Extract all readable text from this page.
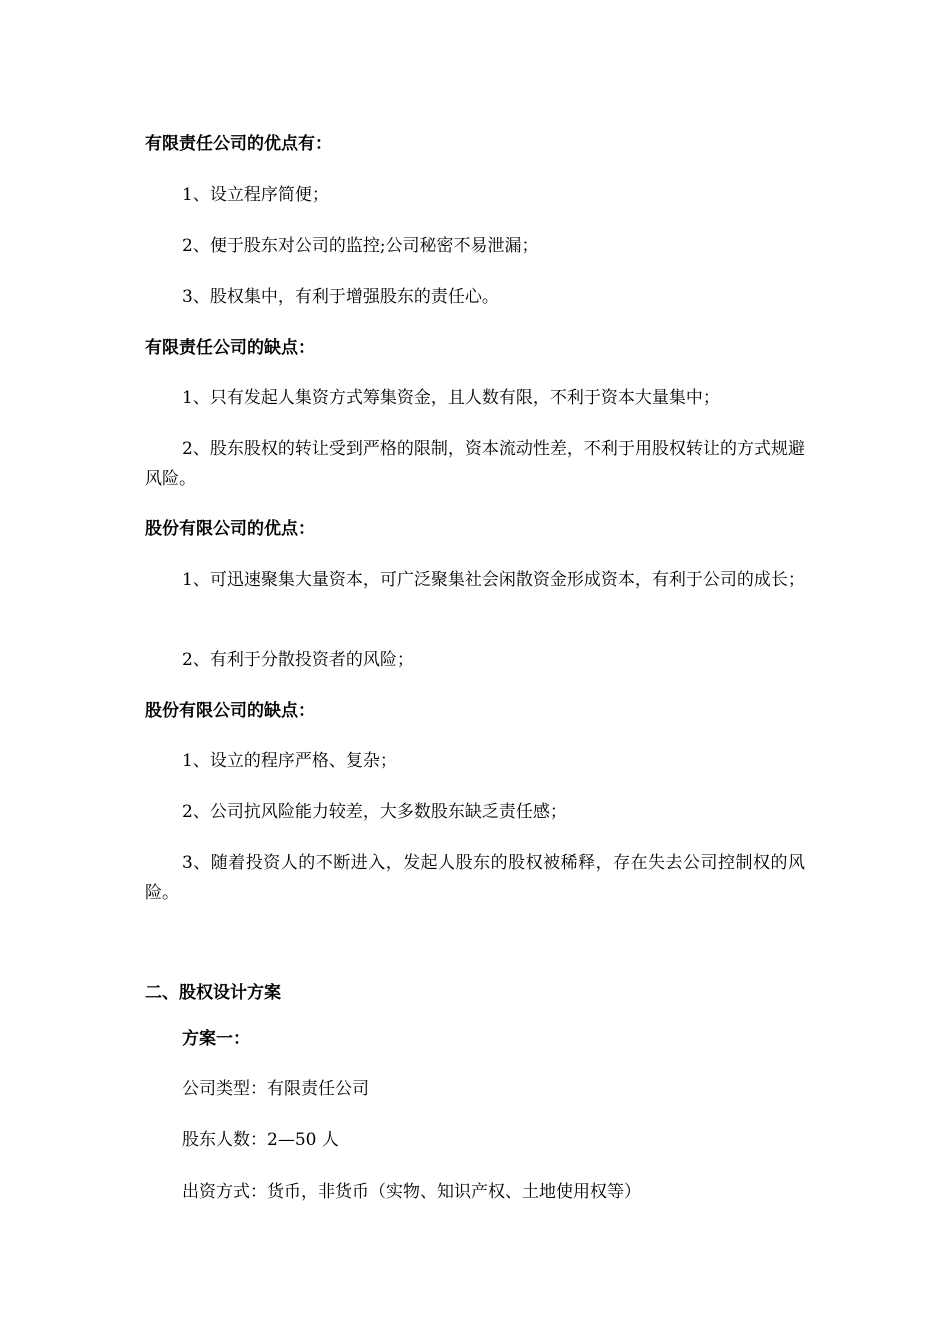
有限责任公司的优点有：
1、设立程序简便；
2、便于股东对公司的监控;公司秘密不易泄漏；
3、股权集中，有利于增强股东的责任心。
有限责任公司的缺点：
1、只有发起人集资方式筹集资金，且人数有限，不利于资本大量集中；
2、股东股权的转让受到严格的限制，资本流动性差，不利于用股权转让的方式规避风险。
股份有限公司的优点：
1、可迅速聚集大量资本，可广泛聚集社会闲散资金形成资本，有利于公司的成长；
2、有利于分散投资者的风险；
股份有限公司的缺点：
1、设立的程序严格、复杂；
2、公司抗风险能力较差，大多数股东缺乏责任感；
3、随着投资人的不断进入，发起人股东的股权被稀释，存在失去公司控制权的风险。
二、股权设计方案
方案一：
公司类型：有限责任公司
股东人数：2—50 人
出资方式：货币，非货币（实物、知识产权、土地使用权等）
